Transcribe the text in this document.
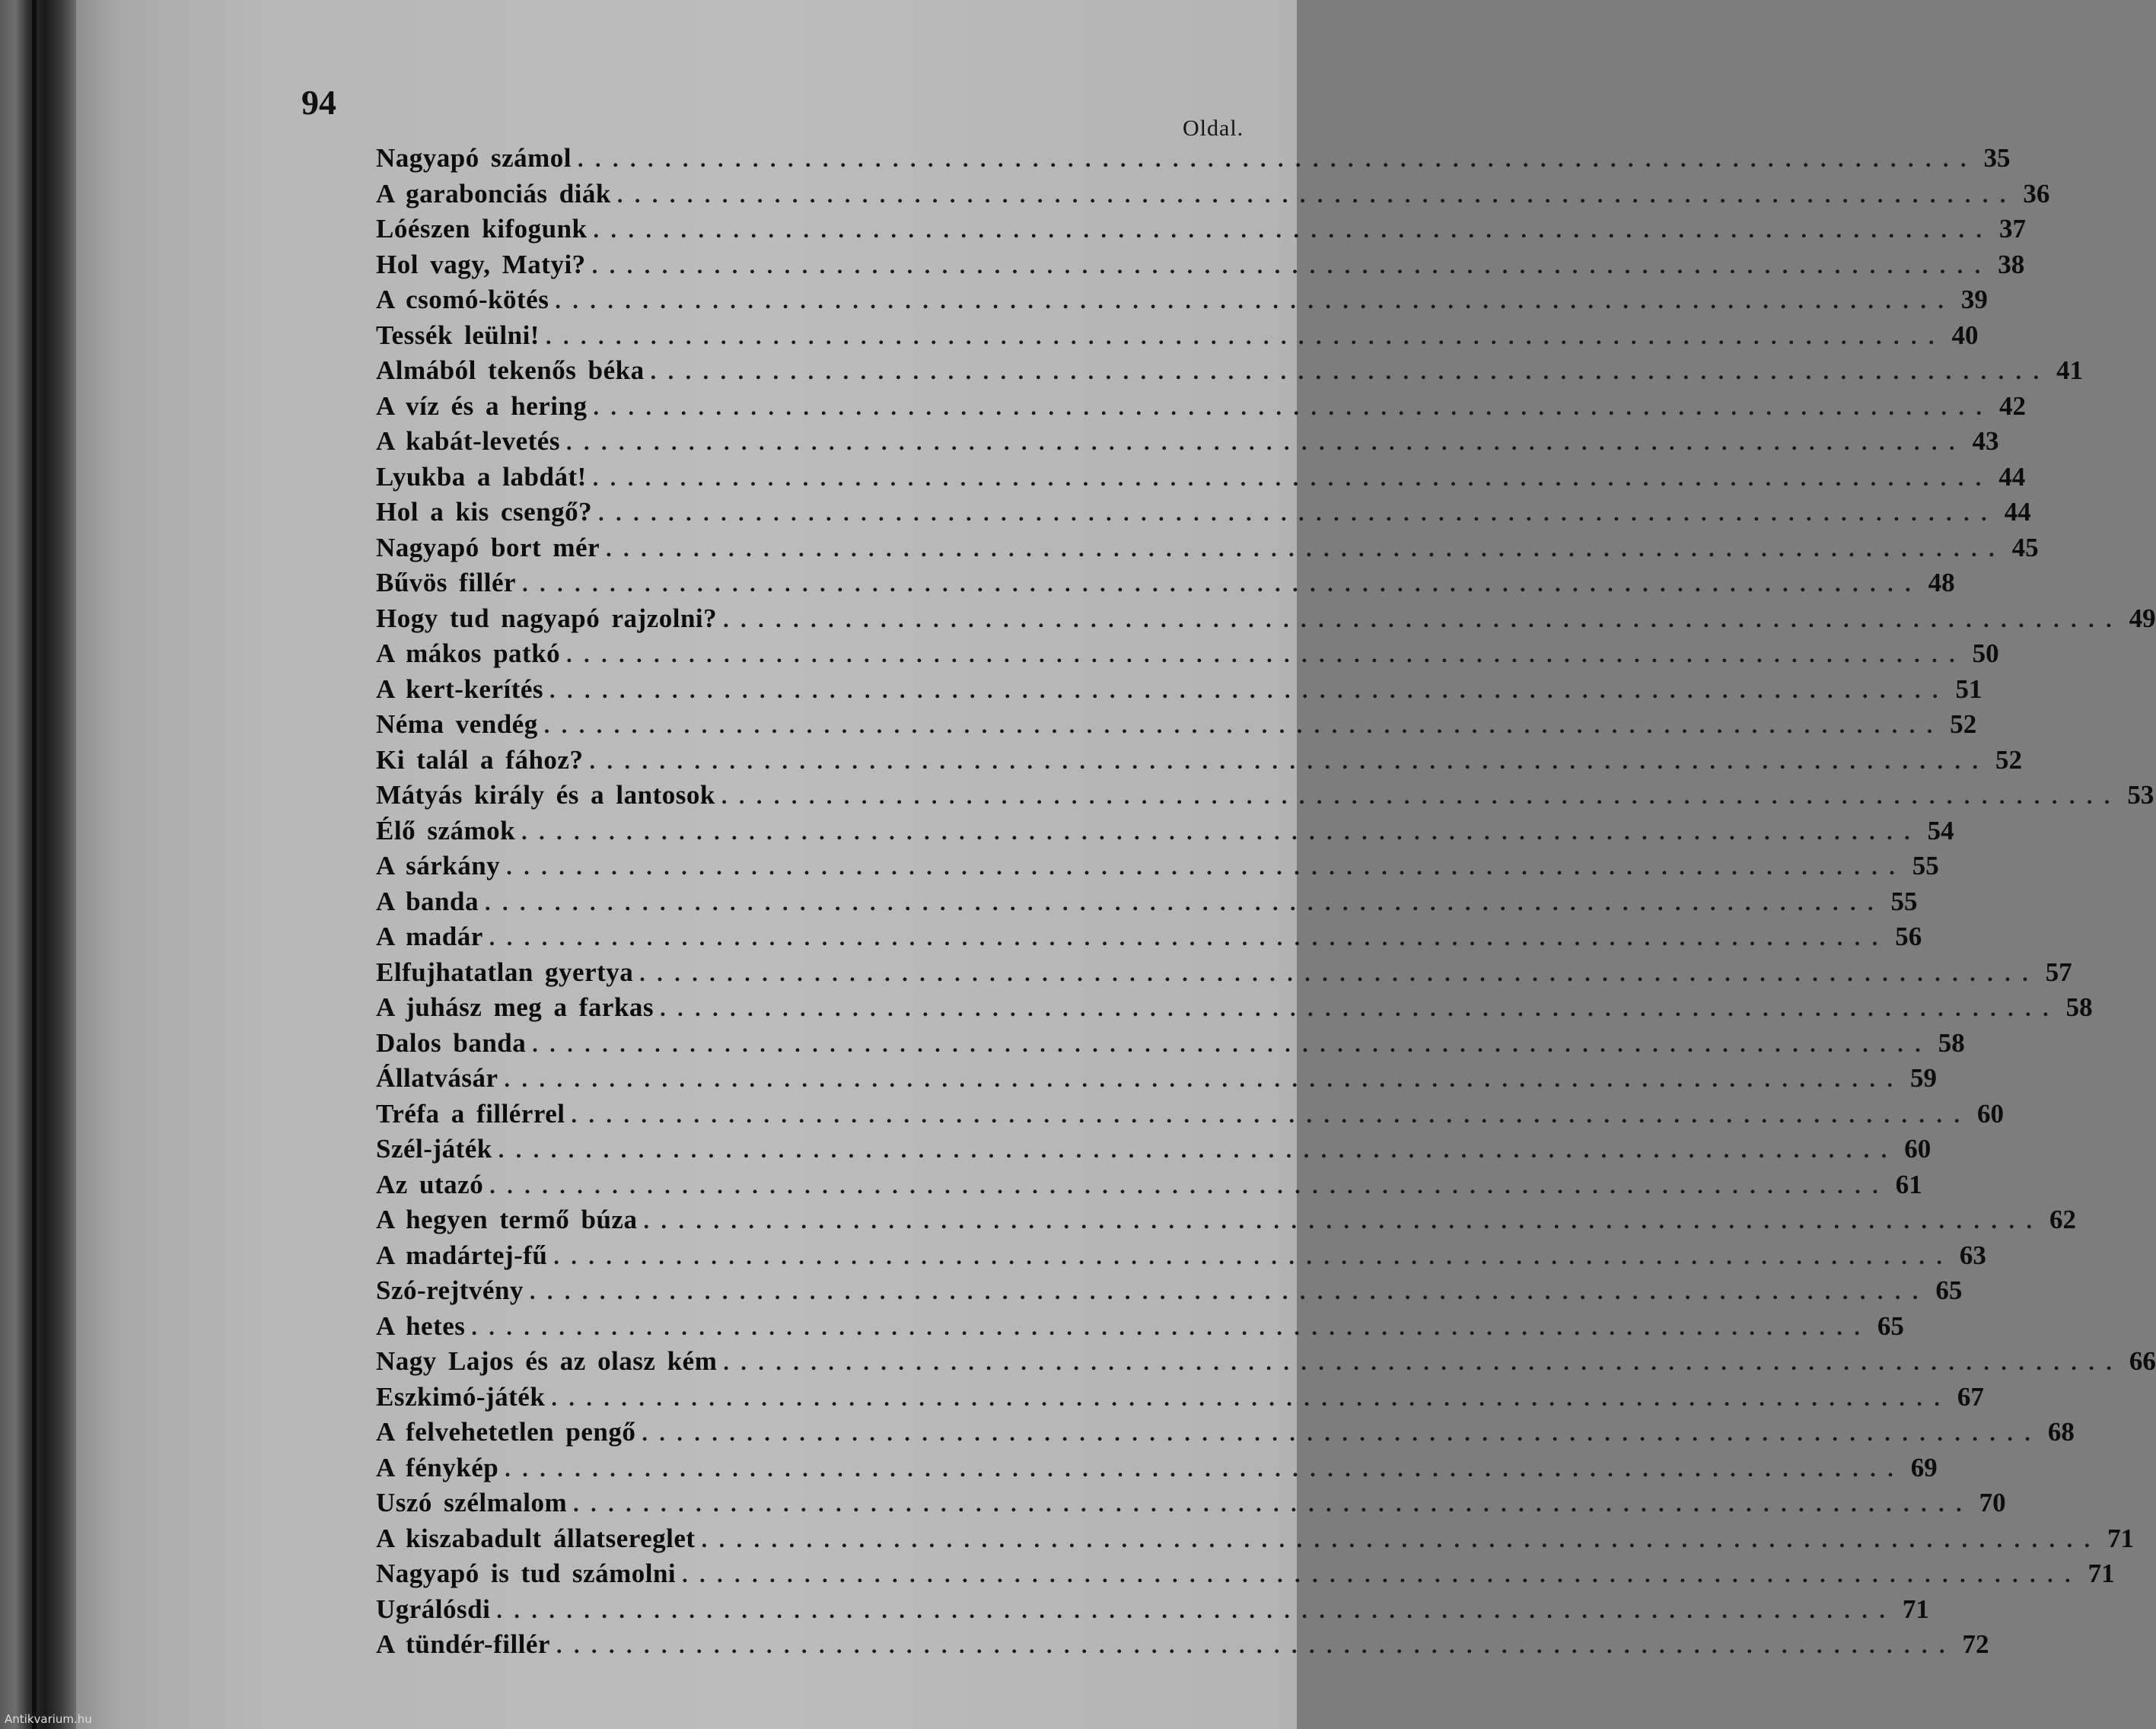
94
Oldal.
Nagyapó számol . . . . . . . . . . . . . . . . . . . . . . . . . . . . . . . . . . . . . . . . . . . . . . . . . . . . . . . . . . . . . . . . . . . . . . . . . . . . . . . . 35
A garabonciás diák . . . . . . . . . . . . . . . . . . . . . . . . . . . . . . . . . . . . . . . . . . . . . . . . . . . . . . . . . . . . . . . . . . . . . . . . . . . . . . . . 36
Lóészen kifogunk . . . . . . . . . . . . . . . . . . . . . . . . . . . . . . . . . . . . . . . . . . . . . . . . . . . . . . . . . . . . . . . . . . . . . . . . . . . . . . . . 37
Hol vagy, Matyi? . . . . . . . . . . . . . . . . . . . . . . . . . . . . . . . . . . . . . . . . . . . . . . . . . . . . . . . . . . . . . . . . . . . . . . . . . . . . . . . . 38
A csomó-kötés . . . . . . . . . . . . . . . . . . . . . . . . . . . . . . . . . . . . . . . . . . . . . . . . . . . . . . . . . . . . . . . . . . . . . . . . . . . . . . . . 39
Tessék leülni! . . . . . . . . . . . . . . . . . . . . . . . . . . . . . . . . . . . . . . . . . . . . . . . . . . . . . . . . . . . . . . . . . . . . . . . . . . . . . . . . 40
Almából tekenős béka . . . . . . . . . . . . . . . . . . . . . . . . . . . . . . . . . . . . . . . . . . . . . . . . . . . . . . . . . . . . . . . . . . . . . . . . . . . . . . . . 41
A víz és a hering . . . . . . . . . . . . . . . . . . . . . . . . . . . . . . . . . . . . . . . . . . . . . . . . . . . . . . . . . . . . . . . . . . . . . . . . . . . . . . . . 42
A kabát-levetés . . . . . . . . . . . . . . . . . . . . . . . . . . . . . . . . . . . . . . . . . . . . . . . . . . . . . . . . . . . . . . . . . . . . . . . . . . . . . . . . 43
Lyukba a labdát! . . . . . . . . . . . . . . . . . . . . . . . . . . . . . . . . . . . . . . . . . . . . . . . . . . . . . . . . . . . . . . . . . . . . . . . . . . . . . . . . 44
Hol a kis csengő? . . . . . . . . . . . . . . . . . . . . . . . . . . . . . . . . . . . . . . . . . . . . . . . . . . . . . . . . . . . . . . . . . . . . . . . . . . . . . . . . 44
Nagyapó bort mér . . . . . . . . . . . . . . . . . . . . . . . . . . . . . . . . . . . . . . . . . . . . . . . . . . . . . . . . . . . . . . . . . . . . . . . . . . . . . . . . 45
Bűvös fillér . . . . . . . . . . . . . . . . . . . . . . . . . . . . . . . . . . . . . . . . . . . . . . . . . . . . . . . . . . . . . . . . . . . . . . . . . . . . . . . . 48
Hogy tud nagyapó rajzolni? . . . . . . . . . . . . . . . . . . . . . . . . . . . . . . . . . . . . . . . . . . . . . . . . . . . . . . . . . . . . . . . . . . . . . . . . . . . . . . . . 49
A mákos patkó . . . . . . . . . . . . . . . . . . . . . . . . . . . . . . . . . . . . . . . . . . . . . . . . . . . . . . . . . . . . . . . . . . . . . . . . . . . . . . . . 50
A kert-kerítés . . . . . . . . . . . . . . . . . . . . . . . . . . . . . . . . . . . . . . . . . . . . . . . . . . . . . . . . . . . . . . . . . . . . . . . . . . . . . . . . 51
Néma vendég . . . . . . . . . . . . . . . . . . . . . . . . . . . . . . . . . . . . . . . . . . . . . . . . . . . . . . . . . . . . . . . . . . . . . . . . . . . . . . . . 52
Ki talál a fához? . . . . . . . . . . . . . . . . . . . . . . . . . . . . . . . . . . . . . . . . . . . . . . . . . . . . . . . . . . . . . . . . . . . . . . . . . . . . . . . . 52
Mátyás király és a lantosok . . . . . . . . . . . . . . . . . . . . . . . . . . . . . . . . . . . . . . . . . . . . . . . . . . . . . . . . . . . . . . . . . . . . . . . . . . . . . . . . 53
Élő számok . . . . . . . . . . . . . . . . . . . . . . . . . . . . . . . . . . . . . . . . . . . . . . . . . . . . . . . . . . . . . . . . . . . . . . . . . . . . . . . . 54
A sárkány . . . . . . . . . . . . . . . . . . . . . . . . . . . . . . . . . . . . . . . . . . . . . . . . . . . . . . . . . . . . . . . . . . . . . . . . . . . . . . . . 55
A banda . . . . . . . . . . . . . . . . . . . . . . . . . . . . . . . . . . . . . . . . . . . . . . . . . . . . . . . . . . . . . . . . . . . . . . . . . . . . . . . . 55
A madár . . . . . . . . . . . . . . . . . . . . . . . . . . . . . . . . . . . . . . . . . . . . . . . . . . . . . . . . . . . . . . . . . . . . . . . . . . . . . . . . 56
Elfujhatatlan gyertya . . . . . . . . . . . . . . . . . . . . . . . . . . . . . . . . . . . . . . . . . . . . . . . . . . . . . . . . . . . . . . . . . . . . . . . . . . . . . . . . 57
A juhász meg a farkas . . . . . . . . . . . . . . . . . . . . . . . . . . . . . . . . . . . . . . . . . . . . . . . . . . . . . . . . . . . . . . . . . . . . . . . . . . . . . . . . 58
Dalos banda . . . . . . . . . . . . . . . . . . . . . . . . . . . . . . . . . . . . . . . . . . . . . . . . . . . . . . . . . . . . . . . . . . . . . . . . . . . . . . . . 58
Állatvásár . . . . . . . . . . . . . . . . . . . . . . . . . . . . . . . . . . . . . . . . . . . . . . . . . . . . . . . . . . . . . . . . . . . . . . . . . . . . . . . . 59
Tréfa a fillérrel . . . . . . . . . . . . . . . . . . . . . . . . . . . . . . . . . . . . . . . . . . . . . . . . . . . . . . . . . . . . . . . . . . . . . . . . . . . . . . . . 60
Szél-játék . . . . . . . . . . . . . . . . . . . . . . . . . . . . . . . . . . . . . . . . . . . . . . . . . . . . . . . . . . . . . . . . . . . . . . . . . . . . . . . . 60
Az utazó . . . . . . . . . . . . . . . . . . . . . . . . . . . . . . . . . . . . . . . . . . . . . . . . . . . . . . . . . . . . . . . . . . . . . . . . . . . . . . . . 61
A hegyen termő búza . . . . . . . . . . . . . . . . . . . . . . . . . . . . . . . . . . . . . . . . . . . . . . . . . . . . . . . . . . . . . . . . . . . . . . . . . . . . . . . . 62
A madártej-fű . . . . . . . . . . . . . . . . . . . . . . . . . . . . . . . . . . . . . . . . . . . . . . . . . . . . . . . . . . . . . . . . . . . . . . . . . . . . . . . . 63
Szó-rejtvény . . . . . . . . . . . . . . . . . . . . . . . . . . . . . . . . . . . . . . . . . . . . . . . . . . . . . . . . . . . . . . . . . . . . . . . . . . . . . . . . 65
A hetes . . . . . . . . . . . . . . . . . . . . . . . . . . . . . . . . . . . . . . . . . . . . . . . . . . . . . . . . . . . . . . . . . . . . . . . . . . . . . . . . 65
Nagy Lajos és az olasz kém . . . . . . . . . . . . . . . . . . . . . . . . . . . . . . . . . . . . . . . . . . . . . . . . . . . . . . . . . . . . . . . . . . . . . . . . . . . . . . . . 66
Eszkimó-játék . . . . . . . . . . . . . . . . . . . . . . . . . . . . . . . . . . . . . . . . . . . . . . . . . . . . . . . . . . . . . . . . . . . . . . . . . . . . . . . . 67
A felvehetetlen pengő . . . . . . . . . . . . . . . . . . . . . . . . . . . . . . . . . . . . . . . . . . . . . . . . . . . . . . . . . . . . . . . . . . . . . . . . . . . . . . . . 68
A fénykép . . . . . . . . . . . . . . . . . . . . . . . . . . . . . . . . . . . . . . . . . . . . . . . . . . . . . . . . . . . . . . . . . . . . . . . . . . . . . . . . 69
Uszó szélmalom . . . . . . . . . . . . . . . . . . . . . . . . . . . . . . . . . . . . . . . . . . . . . . . . . . . . . . . . . . . . . . . . . . . . . . . . . . . . . . . . 70
A kiszabadult állatsereglet . . . . . . . . . . . . . . . . . . . . . . . . . . . . . . . . . . . . . . . . . . . . . . . . . . . . . . . . . . . . . . . . . . . . . . . . . . . . . . . . 71
Nagyapó is tud számolni . . . . . . . . . . . . . . . . . . . . . . . . . . . . . . . . . . . . . . . . . . . . . . . . . . . . . . . . . . . . . . . . . . . . . . . . . . . . . . . . 71
Ugrálósdi . . . . . . . . . . . . . . . . . . . . . . . . . . . . . . . . . . . . . . . . . . . . . . . . . . . . . . . . . . . . . . . . . . . . . . . . . . . . . . . . 71
A tündér-fillér . . . . . . . . . . . . . . . . . . . . . . . . . . . . . . . . . . . . . . . . . . . . . . . . . . . . . . . . . . . . . . . . . . . . . . . . . . . . . . . . 72
Antikvarium.hu
